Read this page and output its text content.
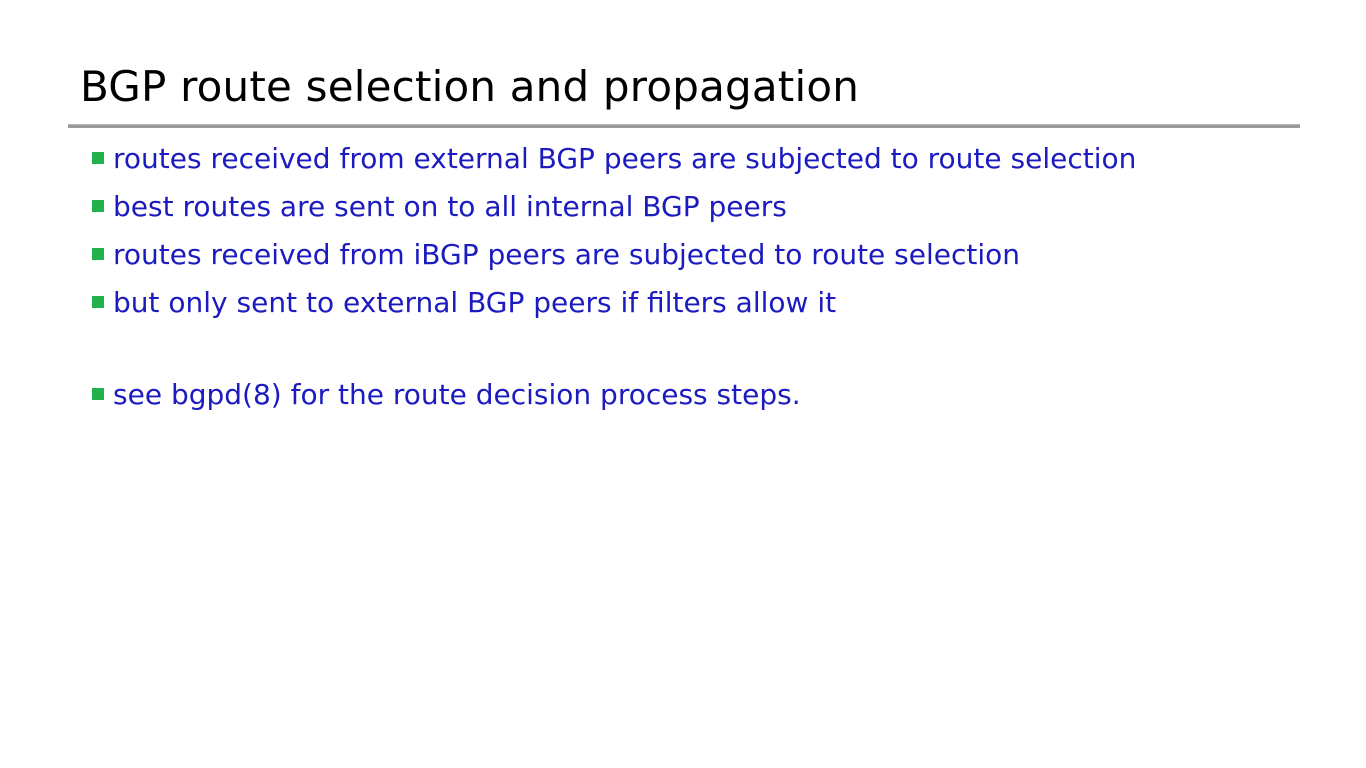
BGP route selection and propagation
routes received from external BGP peers are subjected to route selection
best routes are sent on to all internal BGP peers
routes received from iBGP peers are subjected to route selection
but only sent to external BGP peers if filters allow it
see bgpd(8) for the route decision process steps.
